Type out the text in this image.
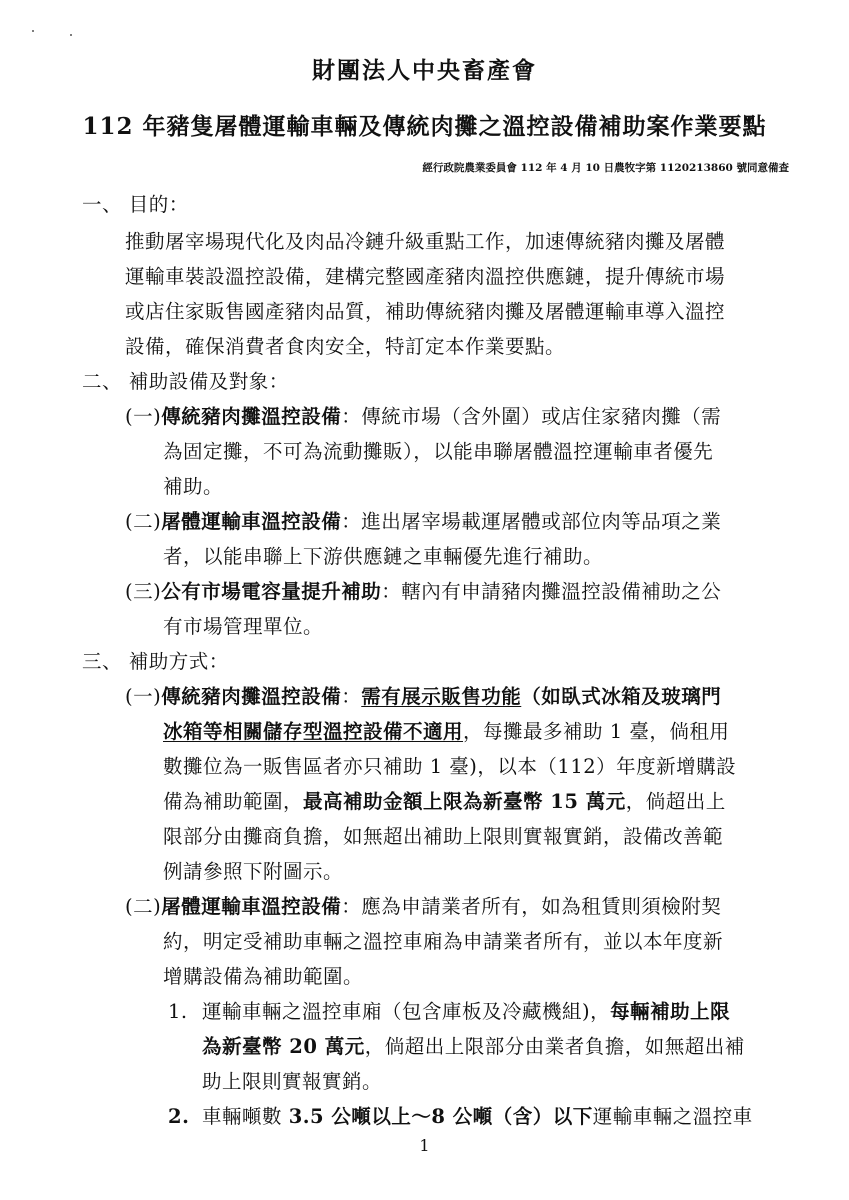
財團法人中央畜產會
112 年豬隻屠體運輸車輛及傳統肉攤之溫控設備補助案作業要點
經行政院農業委員會 112 年 4 月 10 日農牧字第 1120213860 號同意備查
一、 目的：
推動屠宰場現代化及肉品冷鏈升級重點工作，加速傳統豬肉攤及屠體
運輸車裝設溫控設備，建構完整國產豬肉溫控供應鏈，提升傳統市場
或店住家販售國產豬肉品質，補助傳統豬肉攤及屠體運輸車導入溫控
設備，確保消費者食肉安全，特訂定本作業要點。
二、 補助設備及對象：
(一)傳統豬肉攤溫控設備：傳統市場（含外圍）或店住家豬肉攤（需
為固定攤，不可為流動攤販），以能串聯屠體溫控運輸車者優先
補助。
(二)屠體運輸車溫控設備：進出屠宰場載運屠體或部位肉等品項之業
者，以能串聯上下游供應鏈之車輛優先進行補助。
(三)公有市場電容量提升補助：轄內有申請豬肉攤溫控設備補助之公
有市場管理單位。
三、 補助方式：
(一)傳統豬肉攤溫控設備：需有展示販售功能（如臥式冰箱及玻璃門
冰箱等相關儲存型溫控設備不適用，每攤最多補助 1 臺，倘租用
數攤位為一販售區者亦只補助 1 臺)，以本（112）年度新增購設
備為補助範圍，最高補助金額上限為新臺幣 15 萬元，倘超出上
限部分由攤商負擔，如無超出補助上限則實報實銷，設備改善範
例請參照下附圖示。
(二)屠體運輸車溫控設備：應為申請業者所有，如為租賃則須檢附契
約，明定受補助車輛之溫控車廂為申請業者所有，並以本年度新
增購設備為補助範圍。
1. 運輸車輛之溫控車廂（包含庫板及冷藏機組)，每輛補助上限
為新臺幣 20 萬元，倘超出上限部分由業者負擔，如無超出補
助上限則實報實銷。
2. 車輛噸數 3.5 公噸以上～8 公噸（含）以下運輸車輛之溫控車
1
